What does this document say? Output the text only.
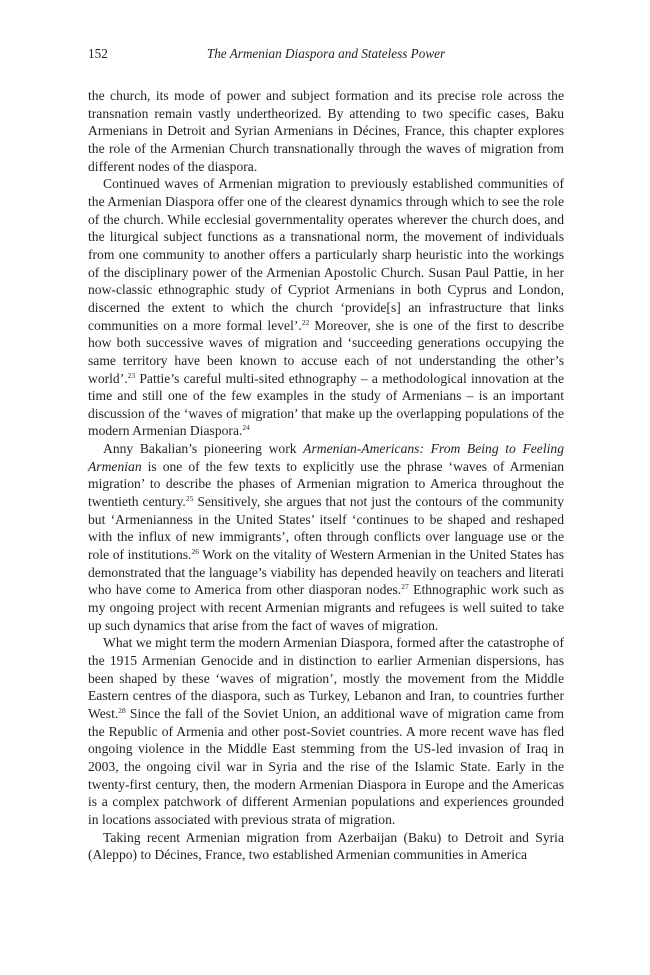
152	The Armenian Diaspora and Stateless Power

the church, its mode of power and subject formation and its precise role across the transnation remain vastly undertheorized. By attending to two specific cases, Baku Armenians in Detroit and Syrian Armenians in Décines, France, this chapter explores the role of the Armenian Church transnationally through the waves of migration from different nodes of the diaspora.

Continued waves of Armenian migration to previously established communities of the Armenian Diaspora offer one of the clearest dynamics through which to see the role of the church. While ecclesial governmentality operates wherever the church does, and the liturgical subject functions as a transnational norm, the movement of individuals from one community to another offers a particularly sharp heuristic into the workings of the disciplinary power of the Armenian Apostolic Church. Susan Paul Pattie, in her now-classic ethnographic study of Cypriot Armenians in both Cyprus and London, discerned the extent to which the church ‘provide[s] an infrastructure that links communities on a more formal level’.$^{22}$ Moreover, she is one of the first to describe how both successive waves of migration and ‘succeeding generations occupying the same territory have been known to accuse each of not understanding the other’s world’.$^{23}$ Pattie’s careful multi-sited ethnography – a methodological innovation at the time and still one of the few examples in the study of Armenians – is an important discussion of the ‘waves of migration’ that make up the overlapping populations of the modern Armenian Diaspora.$^{24}$

Anny Bakalian’s pioneering work Armenian-Americans: From Being to Feeling Armenian is one of the few texts to explicitly use the phrase ‘waves of Armenian migration’ to describe the phases of Armenian migration to America throughout the twentieth century.$^{25}$ Sensitively, she argues that not just the contours of the community but ‘Armenianness in the United States’ itself ‘continues to be shaped and reshaped with the influx of new immigrants’, often through conflicts over language use or the role of institutions.$^{26}$ Work on the vitality of Western Armenian in the United States has demonstrated that the language’s viability has depended heavily on teachers and literati who have come to America from other diasporan nodes.$^{27}$ Ethnographic work such as my ongoing project with recent Armenian migrants and refugees is well suited to take up such dynamics that arise from the fact of waves of migration.

What we might term the modern Armenian Diaspora, formed after the catastrophe of the 1915 Armenian Genocide and in distinction to earlier Armenian dispersions, has been shaped by these ‘waves of migration’, mostly the movement from the Middle Eastern centres of the diaspora, such as Turkey, Lebanon and Iran, to countries further West.$^{28}$ Since the fall of the Soviet Union, an additional wave of migration came from the Republic of Armenia and other post-Soviet countries. A more recent wave has fled ongoing violence in the Middle East stemming from the US-led invasion of Iraq in 2003, the ongoing civil war in Syria and the rise of the Islamic State. Early in the twenty-first century, then, the modern Armenian Diaspora in Europe and the Americas is a complex patchwork of different Armenian populations and experiences grounded in locations associated with previous strata of migration.

Taking recent Armenian migration from Azerbaijan (Baku) to Detroit and Syria (Aleppo) to Décines, France, two established Armenian communities in America
